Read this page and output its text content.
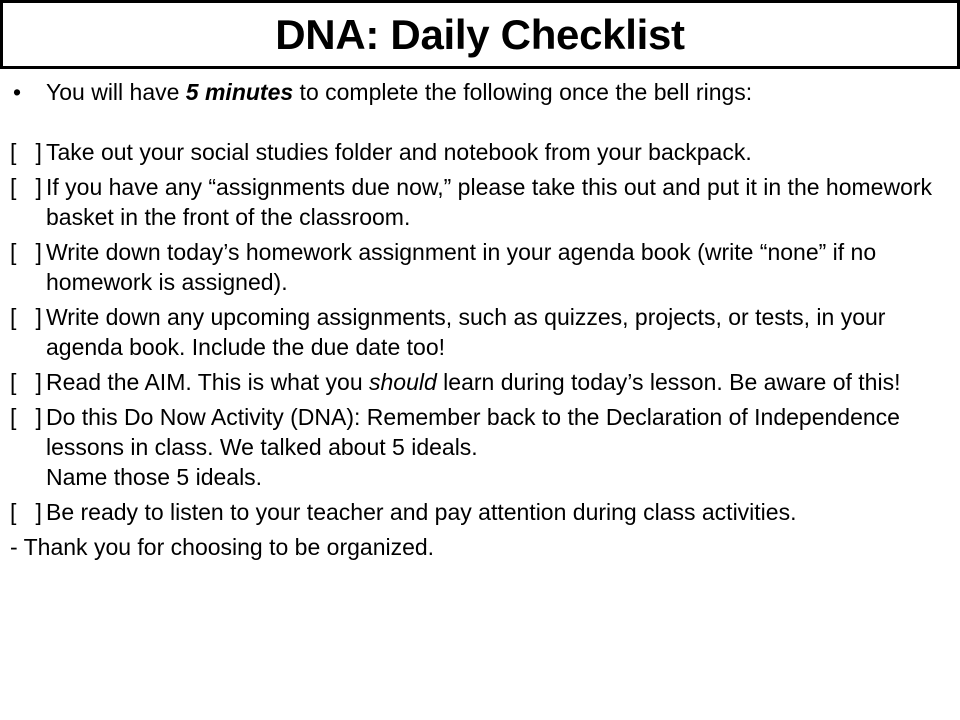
DNA: Daily Checklist
• You will have 5 minutes to complete the following once the bell rings:
[   ] Take out your social studies folder and notebook from your backpack.
[   ] If you have any “assignments due now,” please take this out and put it in the homework basket in the front of the classroom.
[   ] Write down today’s homework assignment in your agenda book (write “none” if no homework is assigned).
[   ] Write down any upcoming assignments, such as quizzes, projects, or tests, in your agenda book. Include the due date too!
[   ] Read the AIM. This is what you should learn during today’s lesson. Be aware of this!
[   ] Do this Do Now Activity (DNA): Remember back to the Declaration of Independence lessons in class. We talked about 5 ideals.
Name those 5 ideals.
[   ] Be ready to listen to your teacher and pay attention during class activities.
- Thank you for choosing to be organized.
